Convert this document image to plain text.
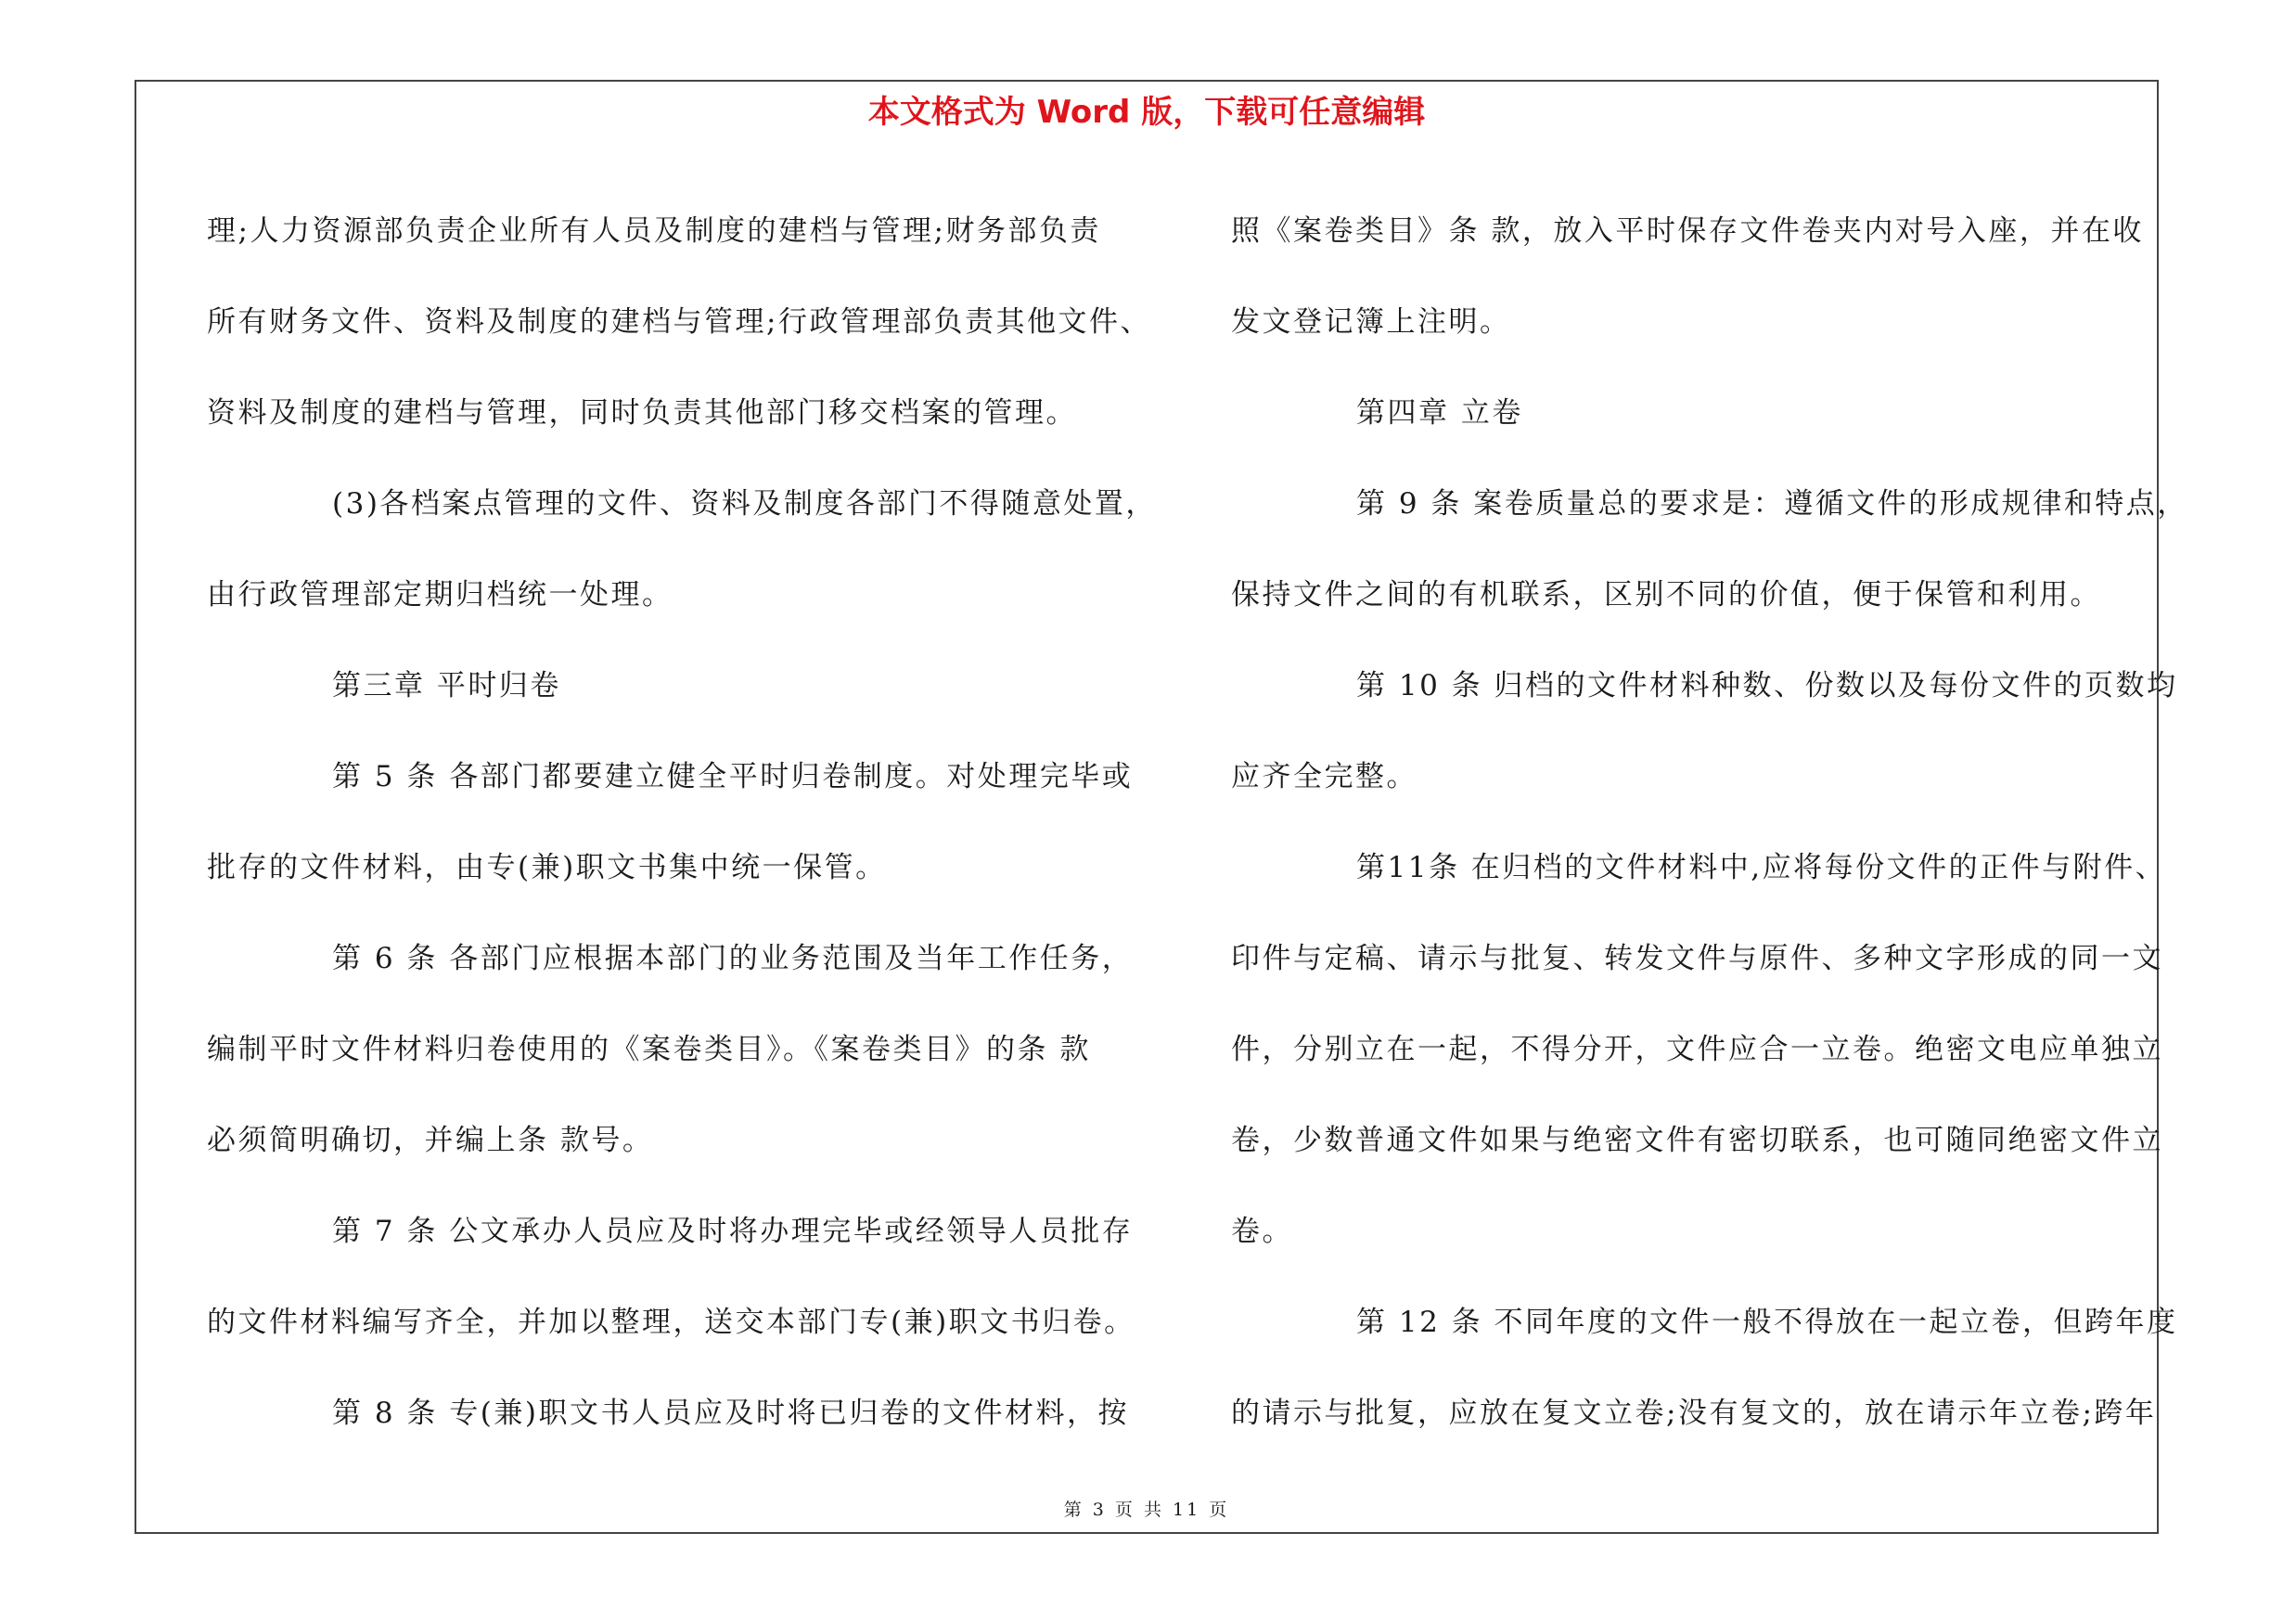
本文格式为 Word 版，下载可任意编辑

理;人力资源部负责企业所有人员及制度的建档与管理;财务部负责

所有财务文件、资料及制度的建档与管理;行政管理部负责其他文件、

资料及制度的建档与管理，同时负责其他部门移交档案的管理。

(3)各档案点管理的文件、资料及制度各部门不得随意处置，

由行政管理部定期归档统一处理。

第三章 平时归卷

第 5 条 各部门都要建立健全平时归卷制度。对处理完毕或

批存的文件材料，由专(兼)职文书集中统一保管。

第 6 条 各部门应根据本部门的业务范围及当年工作任务，

编制平时文件材料归卷使用的《案卷类目》。《案卷类目》的条 款

必须简明确切，并编上条 款号。

第 7 条 公文承办人员应及时将办理完毕或经领导人员批存

的文件材料编写齐全，并加以整理，送交本部门专(兼)职文书归卷。

第 8 条 专(兼)职文书人员应及时将已归卷的文件材料，按

照《案卷类目》条 款，放入平时保存文件卷夹内对号入座，并在收

发文登记簿上注明。

第四章 立卷

第 9 条 案卷质量总的要求是：遵循文件的形成规律和特点，

保持文件之间的有机联系，区别不同的价值，便于保管和利用。

第 10 条 归档的文件材料种数、份数以及每份文件的页数均

应齐全完整。

第11条 在归档的文件材料中,应将每份文件的正件与附件、

印件与定稿、请示与批复、转发文件与原件、多种文字形成的同一文

件，分别立在一起，不得分开，文件应合一立卷。绝密文电应单独立

卷，少数普通文件如果与绝密文件有密切联系，也可随同绝密文件立

卷。

第 12 条 不同年度的文件一般不得放在一起立卷，但跨年度

的请示与批复，应放在复文立卷;没有复文的，放在请示年立卷;跨年

第 3 页 共 11 页
